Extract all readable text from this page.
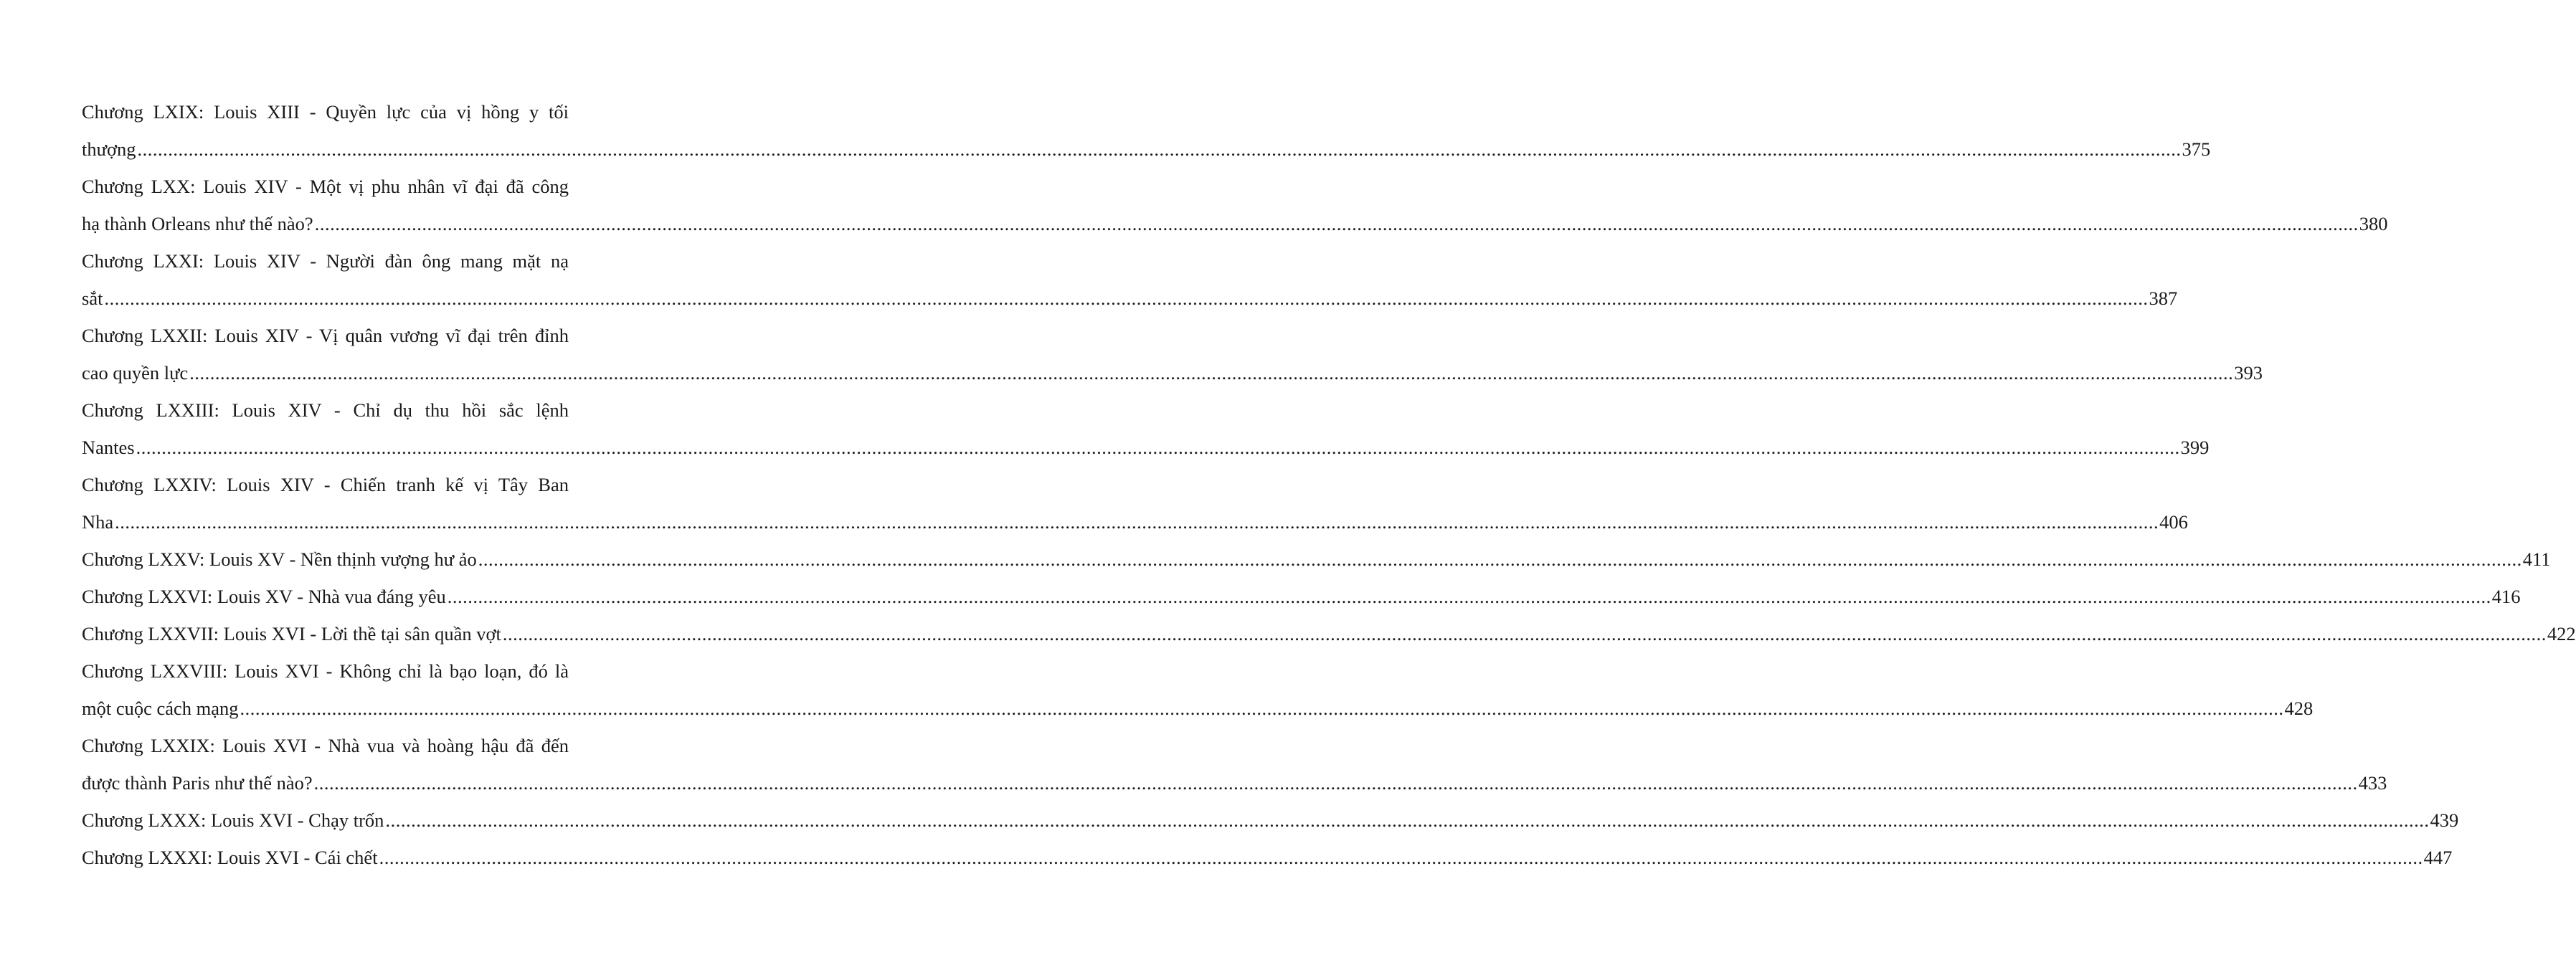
Chương LXIX: Louis XIII - Quyền lực của vị hồng y tối
thượng ................................................................................................................................................................................................................................................................................................................................................................................................................ 375
Chương LXX: Louis XIV - Một vị phu nhân vĩ đại đã công
hạ thành Orleans như thế nào? ................................................................................................................................................................................................................................................................................................................................................................................................................ 380
Chương LXXI: Louis XIV - Người đàn ông mang mặt nạ
sắt ................................................................................................................................................................................................................................................................................................................................................................................................................ 387
Chương LXXII: Louis XIV - Vị quân vương vĩ đại trên đỉnh
cao quyền lực ................................................................................................................................................................................................................................................................................................................................................................................................................ 393
Chương LXXIII: Louis XIV - Chỉ dụ thu hồi sắc lệnh
Nantes ................................................................................................................................................................................................................................................................................................................................................................................................................ 399
Chương LXXIV: Louis XIV - Chiến tranh kế vị Tây Ban
Nha ................................................................................................................................................................................................................................................................................................................................................................................................................ 406
Chương LXXV: Louis XV - Nền thịnh vượng hư ảo ................................................................................................................................................................................................................................................................................................................................................................................................................ 411
Chương LXXVI: Louis XV - Nhà vua đáng yêu ................................................................................................................................................................................................................................................................................................................................................................................................................ 416
Chương LXXVII: Louis XVI - Lời thề tại sân quần vợt ................................................................................................................................................................................................................................................................................................................................................................................................................ 422
Chương LXXVIII: Louis XVI - Không chỉ là bạo loạn, đó là
một cuộc cách mạng ................................................................................................................................................................................................................................................................................................................................................................................................................ 428
Chương LXXIX: Louis XVI - Nhà vua và hoàng hậu đã đến
được thành Paris như thế nào? ................................................................................................................................................................................................................................................................................................................................................................................................................ 433
Chương LXXX: Louis XVI - Chạy trốn ................................................................................................................................................................................................................................................................................................................................................................................................................ 439
Chương LXXXI: Louis XVI - Cái chết ................................................................................................................................................................................................................................................................................................................................................................................................................ 447
